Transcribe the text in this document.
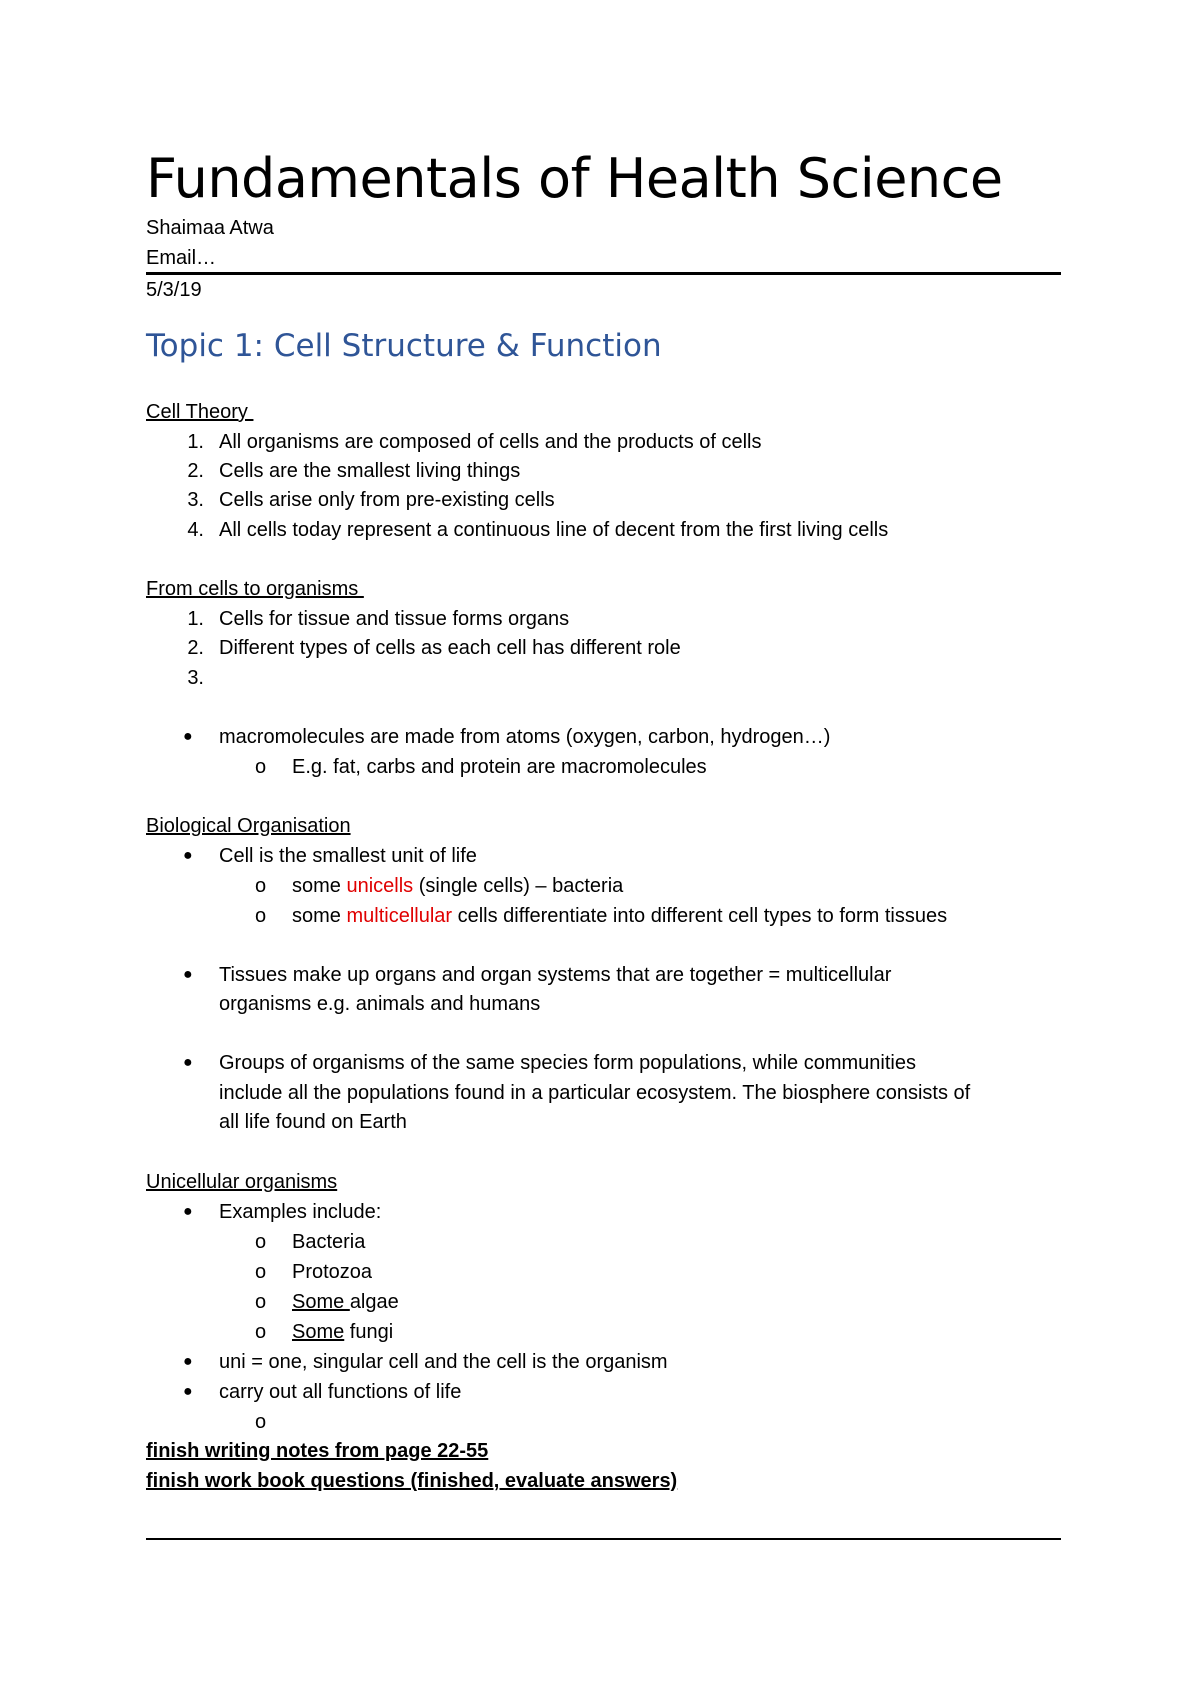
Fundamentals of Health Science
Shaimaa Atwa
Email…
5/3/19
Topic 1: Cell Structure & Function
Cell Theory
1. All organisms are composed of cells and the products of cells
2. Cells are the smallest living things
3. Cells arise only from pre-existing cells
4. All cells today represent a continuous line of decent from the first living cells
From cells to organisms
1. Cells for tissue and tissue forms organs
2. Different types of cells as each cell has different role
3.
● macromolecules are made from atoms (oxygen, carbon, hydrogen…)
o E.g. fat, carbs and protein are macromolecules
Biological Organisation
● Cell is the smallest unit of life
o some unicells (single cells) – bacteria
o some multicellular cells differentiate into different cell types to form tissues
● Tissues make up organs and organ systems that are together = multicellular
organisms e.g. animals and humans
● Groups of organisms of the same species form populations, while communities
include all the populations found in a particular ecosystem. The biosphere consists of
all life found on Earth
Unicellular organisms
● Examples include:
o Bacteria
o Protozoa
o Some algae
o Some fungi
● uni = one, singular cell and the cell is the organism
● carry out all functions of life
o
finish writing notes from page 22-55
finish work book questions (finished, evaluate answers)
